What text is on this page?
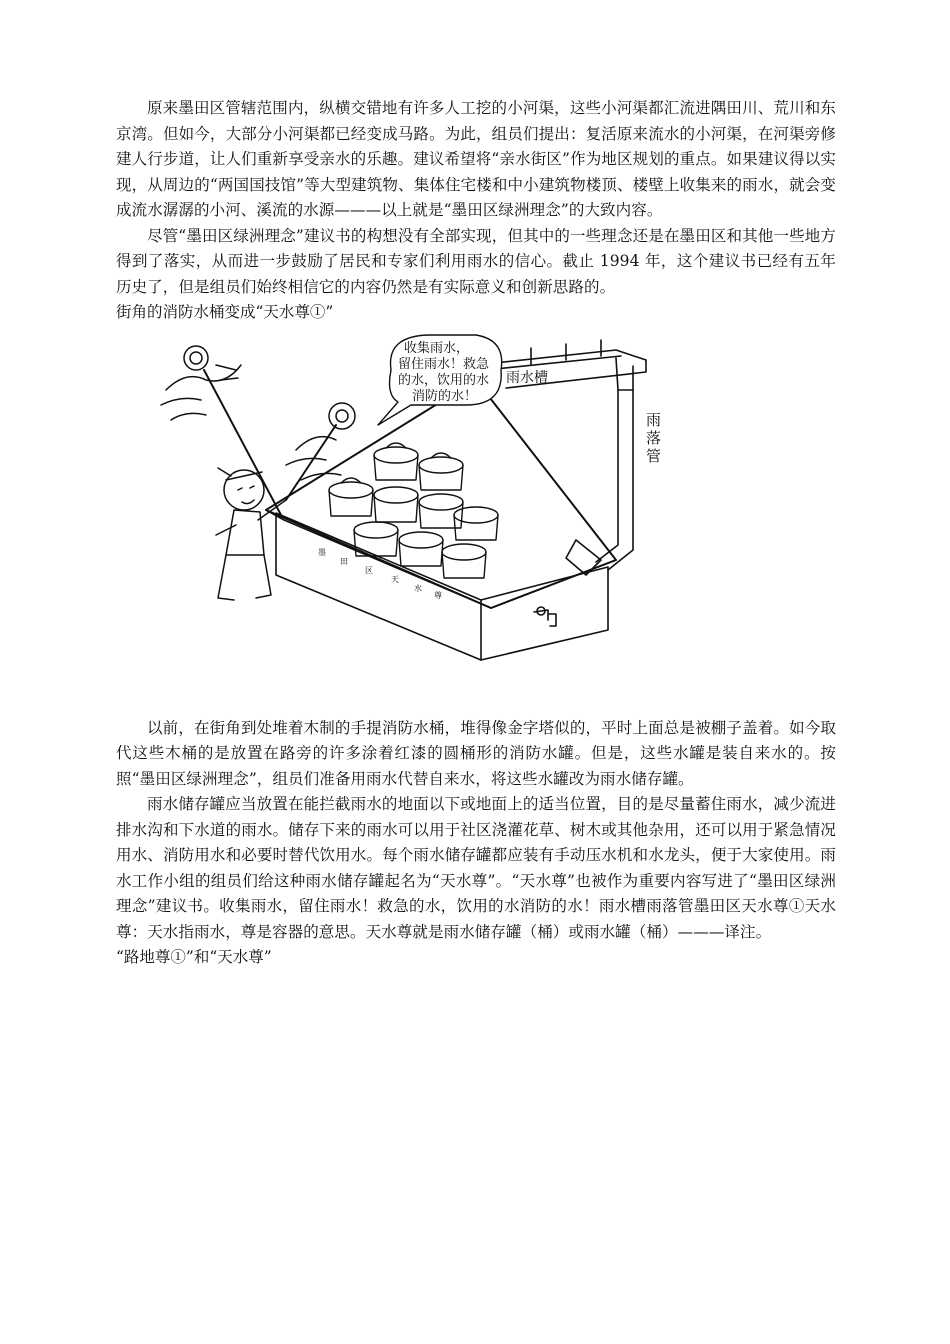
原来墨田区管辖范围内，纵横交错地有许多人工挖的小河渠，这些小河渠都汇流进隅田川、荒川和东京湾。但如今，大部分小河渠都已经变成马路。为此，组员们提出：复活原来流水的小河渠，在河渠旁修建人行步道，让人们重新享受亲水的乐趣。建议希望将“亲水街区”作为地区规划的重点。如果建议得以实现，从周边的“两国国技馆”等大型建筑物、集体住宅楼和中小建筑物楼顶、楼壁上收集来的雨水，就会变成流水潺潺的小河、溪流的水源———以上就是“墨田区绿洲理念”的大致内容。

尽管“墨田区绿洲理念”建议书的构想没有全部实现，但其中的一些理念还是在墨田区和其他一些地方得到了落实，从而进一步鼓励了居民和专家们利用雨水的信心。截止 1994 年，这个建议书已经有五年历史了，但是组员们始终相信它的内容仍然是有实际意义和创新思路的。

街角的消防水桶变成“天水尊①”

收集雨水，
留住雨水！救急
的水，饮用的水
消防的水！
雨水槽
雨
落
管
墨
田
区
天
水
尊

以前，在街角到处堆着木制的手提消防水桶，堆得像金字塔似的，平时上面总是被棚子盖着。如今取代这些木桶的是放置在路旁的许多涂着红漆的圆桶形的消防水罐。但是，这些水罐是装自来水的。按照“墨田区绿洲理念”，组员们准备用雨水代替自来水，将这些水罐改为雨水储存罐。

雨水储存罐应当放置在能拦截雨水的地面以下或地面上的适当位置，目的是尽量蓄住雨水，减少流进排水沟和下水道的雨水。储存下来的雨水可以用于社区浇灌花草、树木或其他杂用，还可以用于紧急情况用水、消防用水和必要时替代饮用水。每个雨水储存罐都应装有手动压水机和水龙头，便于大家使用。雨水工作小组的组员们给这种雨水储存罐起名为“天水尊”。“天水尊”也被作为重要内容写进了“墨田区绿洲理念”建议书。收集雨水，留住雨水！救急的水，饮用的水消防的水！雨水槽雨落管墨田区天水尊①天水尊：天水指雨水，尊是容器的意思。天水尊就是雨水储存罐（桶）或雨水罐（桶）———译注。

“路地尊①”和“天水尊”
